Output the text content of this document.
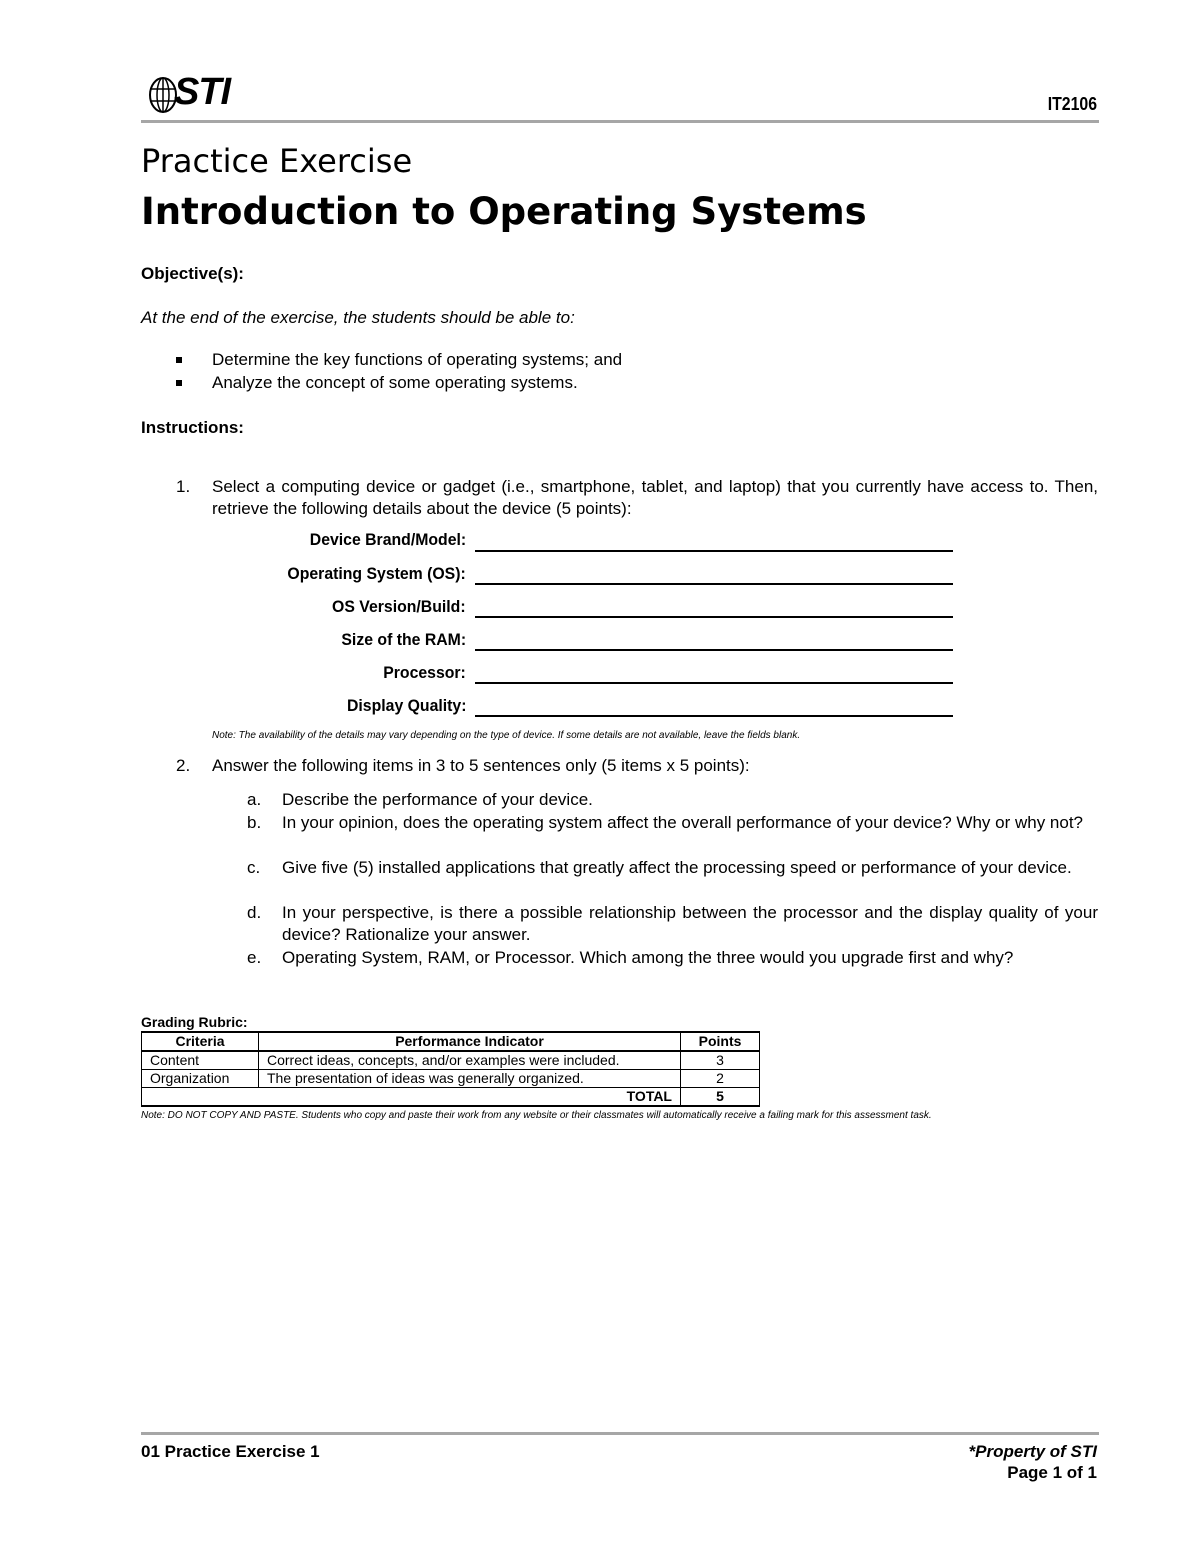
STI	IT2106
Practice Exercise
Introduction to Operating Systems
Objective(s):
At the end of the exercise, the students should be able to:
Determine the key functions of operating systems; and
Analyze the concept of some operating systems.
Instructions:
1. Select a computing device or gadget (i.e., smartphone, tablet, and laptop) that you currently have access to. Then, retrieve the following details about the device (5 points):
Device Brand/Model:
Operating System (OS):
OS Version/Build:
Size of the RAM:
Processor:
Display Quality:
Note: The availability of the details may vary depending on the type of device. If some details are not available, leave the fields blank.
2. Answer the following items in 3 to 5 sentences only (5 items x 5 points):
a. Describe the performance of your device.
b. In your opinion, does the operating system affect the overall performance of your device? Why or why not?
c. Give five (5) installed applications that greatly affect the processing speed or performance of your device.
d. In your perspective, is there a possible relationship between the processor and the display quality of your device? Rationalize your answer.
e. Operating System, RAM, or Processor. Which among the three would you upgrade first and why?
Grading Rubric:
Criteria	Performance Indicator	Points
Content	Correct ideas, concepts, and/or examples were included.	3
Organization	The presentation of ideas was generally organized.	2
TOTAL		5
Note: DO NOT COPY AND PASTE. Students who copy and paste their work from any website or their classmates will automatically receive a failing mark for this assessment task.
01 Practice Exercise 1	*Property of STI
Page 1 of 1
